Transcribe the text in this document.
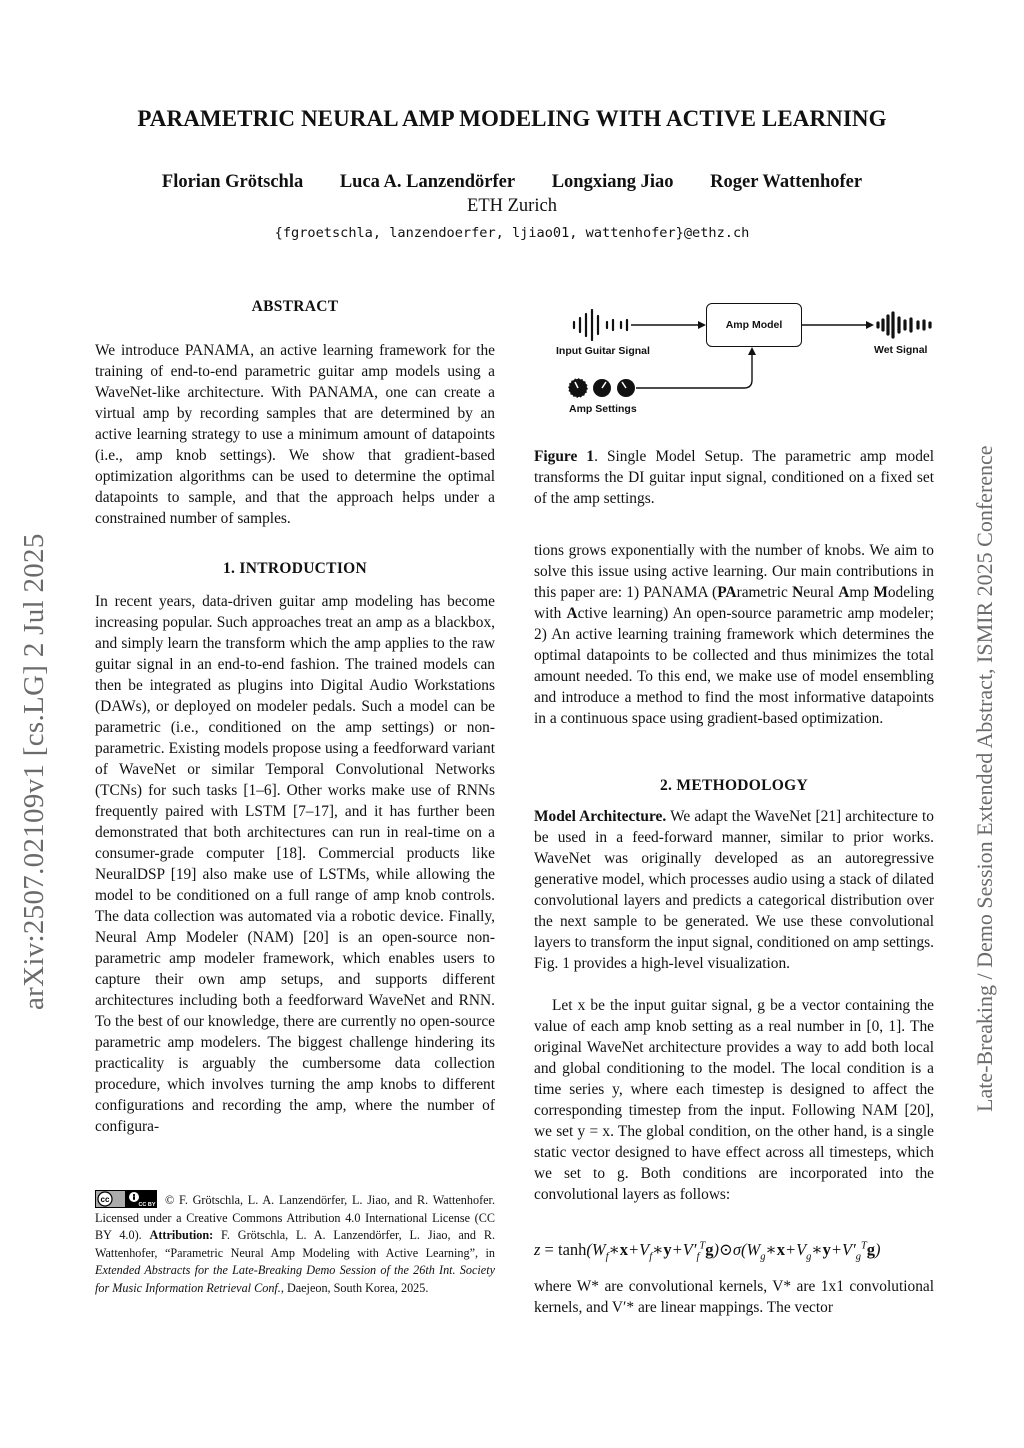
PARAMETRIC NEURAL AMP MODELING WITH ACTIVE LEARNING
Florian Grötschla Luca A. Lanzendörfer Longxiang Jiao Roger Wattenhofer
ETH Zurich
{fgroetschla, lanzendoerfer, ljiao01, wattenhofer}@ethz.ch
arXiv:2507.02109v1 [cs.LG] 2 Jul 2025	Late-Breaking / Demo Session Extended Abstract, ISMIR 2025 Conference
ABSTRACT
We introduce PANAMA, an active learning framework for the training of end-to-end parametric guitar amp models using a WaveNet-like architecture. With PANAMA, one can create a virtual amp by recording samples that are determined by an active learning strategy to use a minimum amount of datapoints (i.e., amp knob settings). We show that gradient-based optimization algorithms can be used to determine the optimal datapoints to sample, and that the approach helps under a constrained number of samples.
1. INTRODUCTION
In recent years, data-driven guitar amp modeling has become increasing popular. Such approaches treat an amp as a blackbox, and simply learn the transform which the amp applies to the raw guitar signal in an end-to-end fashion. The trained models can then be integrated as plugins into Digital Audio Workstations (DAWs), or deployed on modeler pedals. Such a model can be parametric (i.e., conditioned on the amp settings) or non-parametric. Existing models propose using a feedforward variant of WaveNet or similar Temporal Convolutional Networks (TCNs) for such tasks [1–6]. Other works make use of RNNs frequently paired with LSTM [7–17], and it has further been demonstrated that both architectures can run in real-time on a consumer-grade computer [18]. Commercial products like NeuralDSP [19] also make use of LSTMs, while allowing the model to be conditioned on a full range of amp knob controls. The data collection was automated via a robotic device. Finally, Neural Amp Modeler (NAM) [20] is an open-source non-parametric amp modeler framework, which enables users to capture their own amp setups, and supports different architectures including both a feedforward WaveNet and RNN. To the best of our knowledge, there are currently no open-source parametric amp modelers. The biggest challenge hindering its practicality is arguably the cumbersome data collection procedure, which involves turning the amp knobs to different configurations and recording the amp, where the number of configura-
cc
CC BY © F. Grötschla, L. A. Lanzendörfer, L. Jiao, and R. Wattenhofer. Licensed under a Creative Commons Attribution 4.0 International License (CC BY 4.0). Attribution: F. Grötschla, L. A. Lanzendörfer, L. Jiao, and R. Wattenhofer, “Parametric Neural Amp Modeling with Active Learning”, in Extended Abstracts for the Late-Breaking Demo Session of the 26th Int. Society for Music Information Retrieval Conf., Daejeon, South Korea, 2025.
Amp Model
Input Guitar Signal	Wet Signal
Amp Settings
Figure 1. Single Model Setup. The parametric amp model transforms the DI guitar input signal, conditioned on a fixed set of the amp settings.
tions grows exponentially with the number of knobs. We aim to solve this issue using active learning. Our main contributions in this paper are: 1) PANAMA (PArametric Neural Amp Modeling with Active learning) An open-source parametric amp modeler; 2) An active learning training framework which determines the optimal datapoints to be collected and thus minimizes the total amount needed. To this end, we make use of model ensembling and introduce a method to find the most informative datapoints in a continuous space using gradient-based optimization.
2. METHODOLOGY
Model Architecture. We adapt the WaveNet [21] architecture to be used in a feed-forward manner, similar to prior works. WaveNet was originally developed as an autoregressive generative model, which processes audio using a stack of dilated convolutional layers and predicts a categorical distribution over the next sample to be generated. We use these convolutional layers to transform the input signal, conditioned on amp settings. Fig. 1 provides a high-level visualization.
Let x be the input guitar signal, g be a vector containing the value of each amp knob setting as a real number in [0, 1]. The original WaveNet architecture provides a way to add both local and global conditioning to the model. The local condition is a time series y, where each timestep is designed to affect the corresponding timestep from the input. Following NAM [20], we set y = x. The global condition, on the other hand, is a single static vector designed to have effect across all timesteps, which we set to g. Both conditions are incorporated into the convolutional layers as follows:
$z = \tanh(W_f∗x+V_f∗y+V'_f^Tg)⊙\sigma(W_g∗x+V_g∗y+V'_g^Tg)$
where W* are convolutional kernels, V* are 1x1 convolutional kernels, and V′* are linear mappings. The vector
